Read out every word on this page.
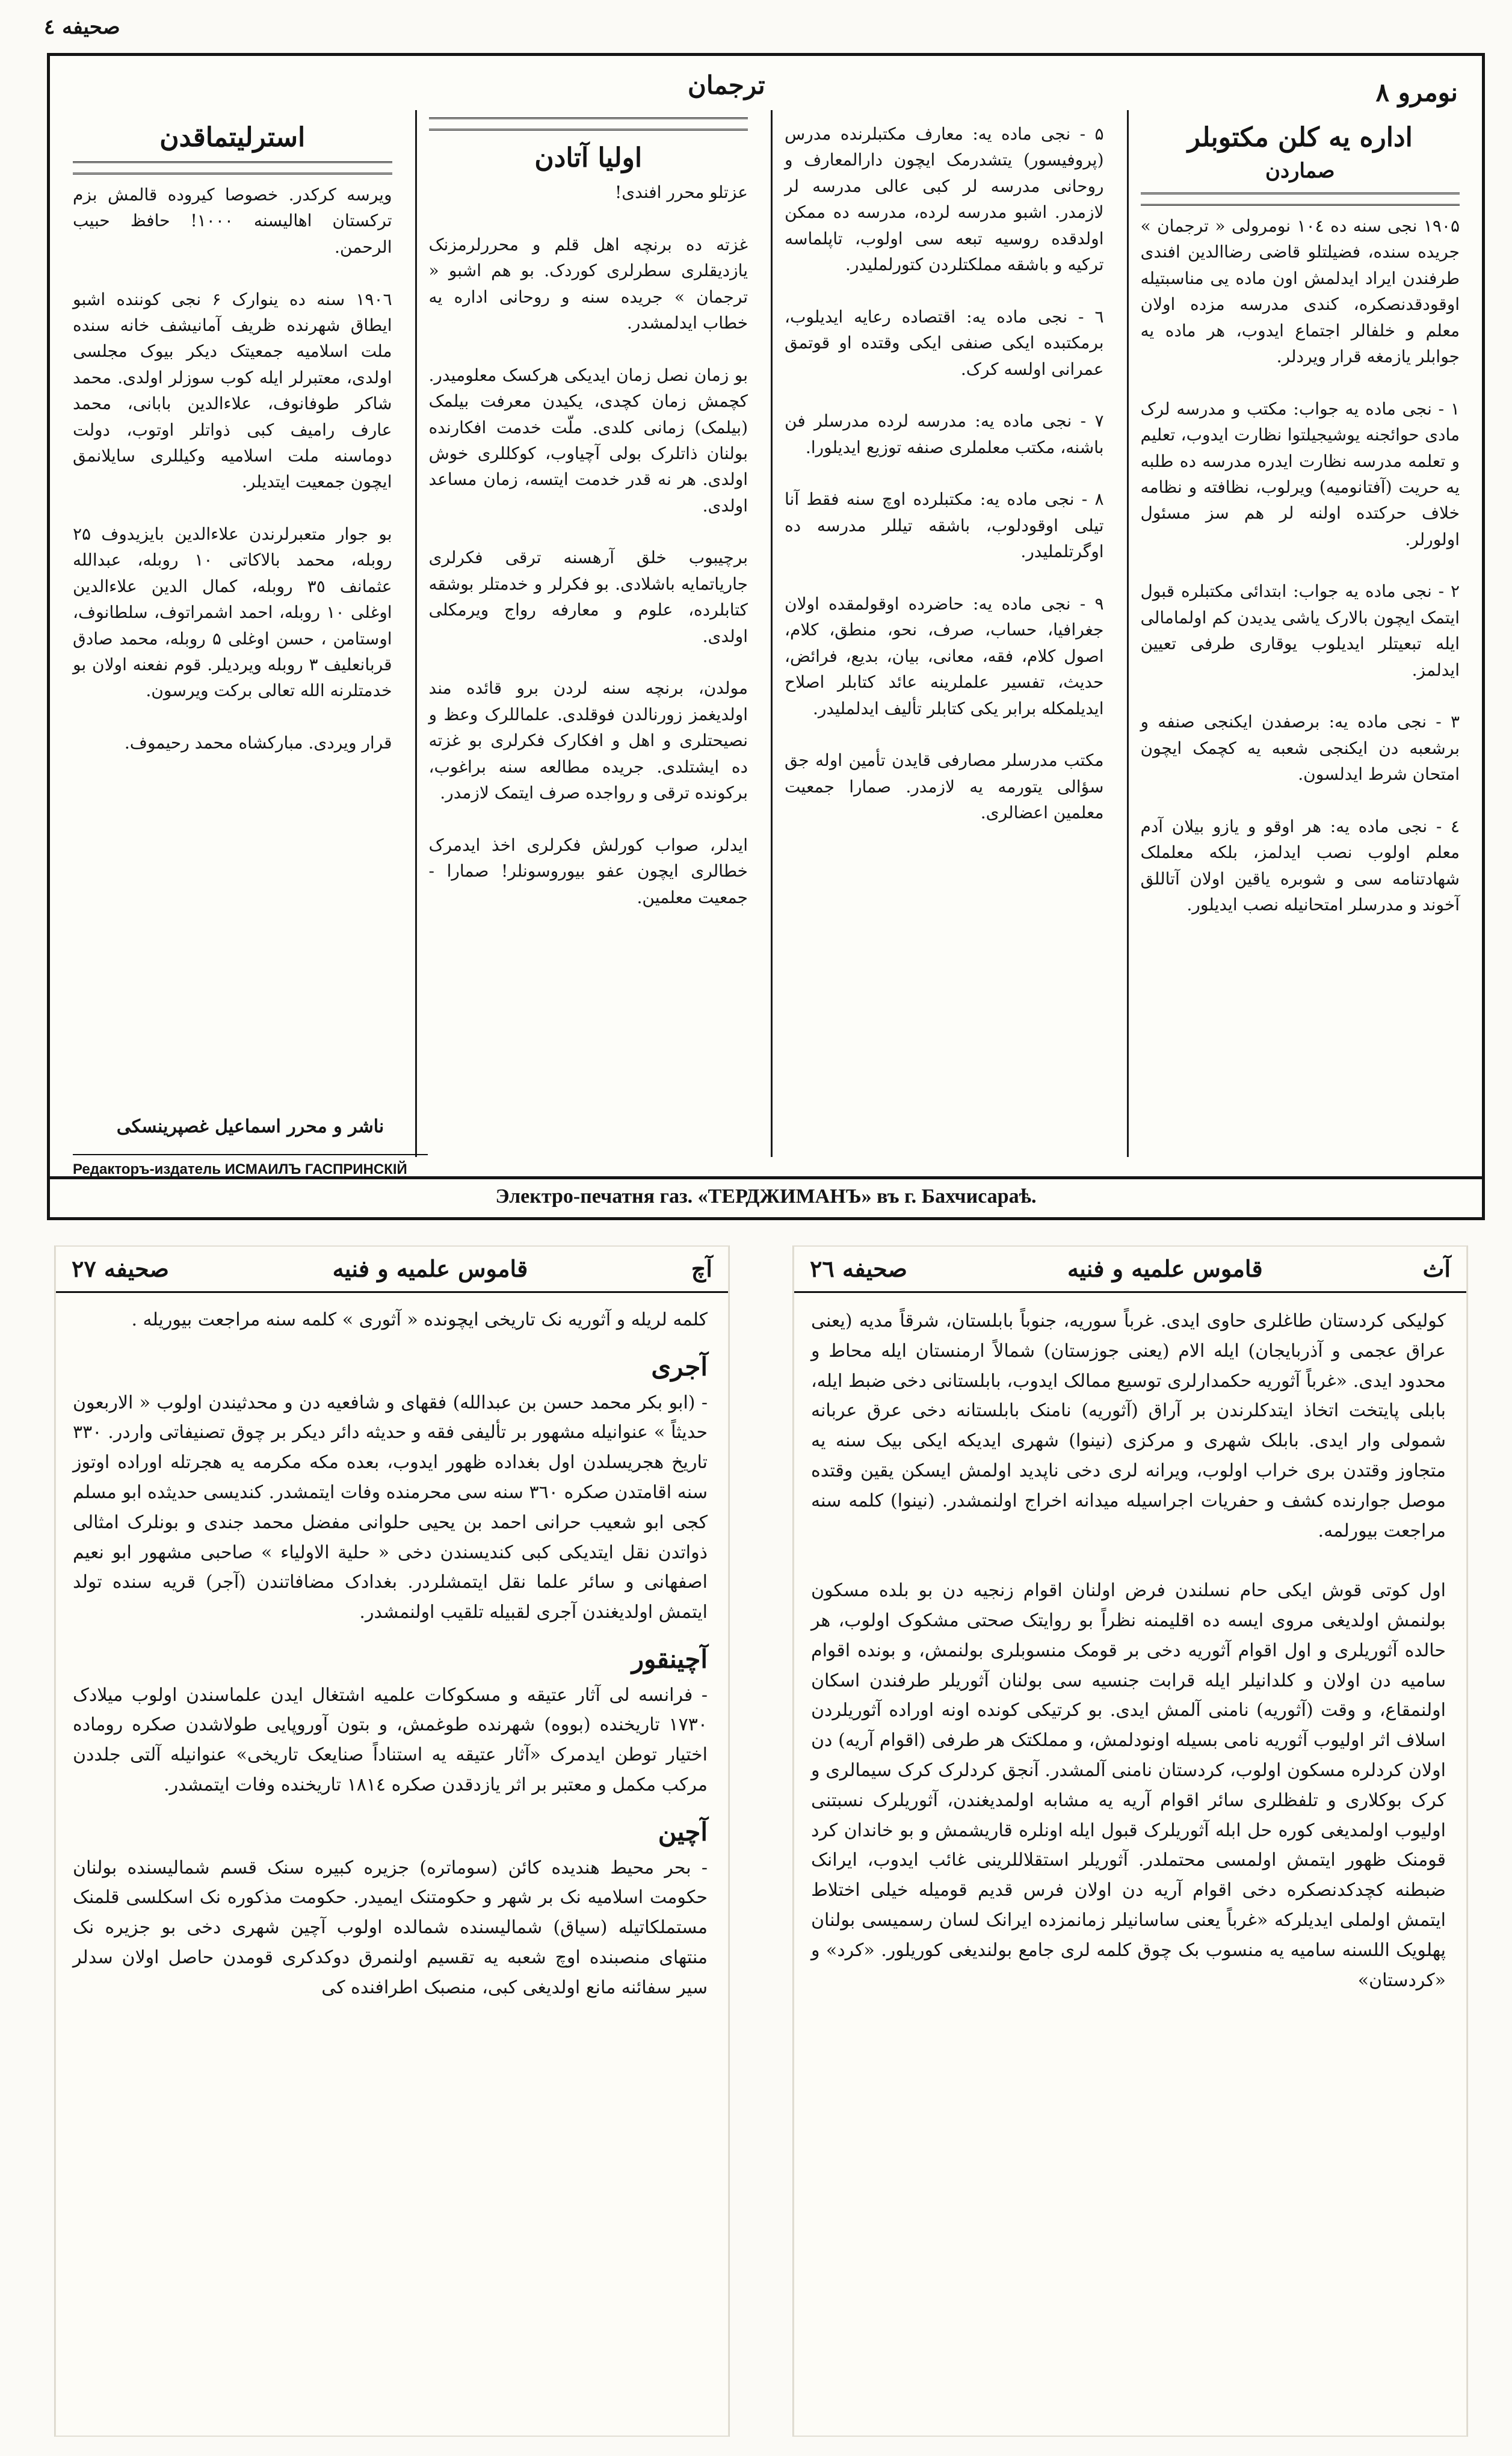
صحیفه ٤
ترجمان	نومرو ٨
اداره یه کلن مکتوبلر
صماردن
۱۹۰۵ نجی سنه ده ۱٠٤ نومرولی « ترجمان » جریده سنده، فضیلتلو قاضی رضاالدین افندی طرفندن ایراد ایدلمش اون ماده یی مناسبتیله اوقودقدنصکره، کندی مدرسه مزده اولان معلم و خلفالر اجتماع ایدوب، هر ماده یه جوابلر یازمغه قرار ویردلر.

۱ - نجی ماده یه جواب: مکتب و مدرسه لرک مادی حوائجنه یوشیجیلتوا نظارت ایدوب، تعلیم و تعلمه مدرسه نظارت ایدره مدرسه ده طلبه یه حریت (آفتانومیه) ویرلوب، نظافته و نظامه خلاف حرکتده اولنه لر هم سز مسئول اولورلر.

۲ - نجی ماده یه جواب: ابتدائی مکتبلره قبول ایتمک ایچون بالارک یاشی یدیدن کم اولمامالی ایله تبعیتلر ایدیلوب یوقاری طرفی تعیین ایدلمز.

۳ - نجی ماده یه: برصفدن ایکنجی صنفه و برشعبه دن ایکنجی شعبه یه کچمک ایچون امتحان شرط ایدلسون.

٤ - نجی ماده یه: هر اوقو و یازو بیلان آدم معلم اولوب نصب ایدلمز، بلکه معلملک شهادتنامه سی و شوبره یاقین اولان آتاللق آخوند و مدرسلر امتحانیله نصب ایدیلور.
۵ - نجی ماده یه: معارف مکتبلرنده مدرس (پروفیسور) یتشدرمک ایچون دارالمعارف و روحانی مدرسه لر کبی عالی مدرسه لر لازمدر. اشبو مدرسه لرده، مدرسه ده ممکن اولدقده روسیه تبعه سی اولوب، تاپلماسه ترکیه و باشقه مملکتلردن کتورلملیدر.

٦ - نجی ماده یه: اقتصاده رعایه ایدیلوب، برمکتبده ایکی صنفی ایکی وقتده او قوتمق عمرانی اولسه کرک.

۷ - نجی ماده یه: مدرسه لرده مدرسلر فن باشنه، مکتب معلملری صنفه توزیع ایدیلورا.

۸ - نجی ماده یه: مکتبلرده اوچ سنه فقط آنا تیلی اوقودلوب، باشقه تیللر مدرسه ده اوگرتلملیدر.

۹ - نجی ماده یه: حاضرده اوقولمقده اولان جغرافیا، حساب، صرف، نحو، منطق، کلام، اصول کلام، فقه، معانی، بیان، بدیع، فرائض، حدیث، تفسیر علملرینه عائد کتابلر اصلاح ایدیلمکله برابر یکی کتابلر تألیف ایدلملیدر.

مکتب مدرسلر مصارفی قایدن تأمین اوله جق سؤالی یتورمه یه لازمدر. صمارا جمعیت معلمین اعضالری.
اولیا آتادن
عزتلو محرر افندی!

غزته ده برنچه اهل قلم و محررلرمزنک یازدیقلری سطرلری کوردک. بو هم اشبو « ترجمان » جریده سنه و روحانی اداره یه خطاب ایدلمشدر.

بو زمان نصل زمان ایدیکی هرکسک معلومیدر. کچمش زمان کچدی، یکیدن معرفت بیلمک (بیلمک) زمانی کلدی. ملّت خدمت افکارنده بولنان ذاتلرک بولی آچیاوب، کوکللری خوش اولدی. هر نه قدر خدمت ایتسه، زمان مساعد اولدی.

برچیبوب خلق آرهسنه ترقی فکرلری جاریاتمایه باشلادی. بو فکرلر و خدمتلر بوشقه کتابلرده، علوم و معارفه رواج ویرمکلی اولدی.

مولدن، برنچه سنه لردن برو قائده مند اولدیغمز زورنالدن فوقلدی. علماللرک وعظ و نصیحتلری و اهل و افکارک فکرلری بو غزته ده ایشتلدی. جریده مطالعه سنه براغوب، برکونده ترقی و رواجده صرف ایتمک لازمدر.

ایدلر، صواب کورلش فکرلری اخذ ایدمرک خطالری ایچون عفو بیوروسونلر! صمارا - جمعیت معلمین.
استرلیتماقدن
ویرسه کرکدر. خصوصا کیروده قالمش بزم ترکستان اهالیسنه ۱٠٠٠! حافظ حبیب الرحمن.

۱۹٠٦ سنه ده ینوارک ۶ نجی کوننده اشبو ایطاق شهرنده ظریف آمانیشف خانه سنده ملت اسلامیه جمعیتک دیکر بیوک مجلسی اولدی، معتبرلر ایله کوب سوزلر اولدی. محمد شاکر طوفانوف، علاءالدین بابانی، محمد عارف رامیف کبی ذواتلر اوتوب، دولت دوماسنه ملت اسلامیه وکیللری سایلانمق ایچون جمعیت ایتدیلر.

بو جوار متعبرلرندن علاءالدین بایزیدوف ۲۵ روبله، محمد بالاکاتی ۱۰ روبله، عبدالله عثمانف ٣٥ روبله، کمال الدین علاءالدین اوغلی ۱٠ روبله، احمد اشمراتوف، سلطانوف، اوستامن ، حسن اوغلی ۵ روبله، محمد صادق قربانعلیف ۳ روبله ویردیلر. قوم نفعنه اولان بو خدمتلرنه الله تعالی برکت ویرسون.

قرار ویردی. مبارکشاه محمد رحیموف.
ناشر و محرر اسماعیل غصپرینسکی
Редакторъ-издатель ИСМАИЛЪ ГАСПРИНСКІЙ
Электро-печатня газ. «ТЕРДЖИМАНЪ» въ г. Бахчисараѣ.
آث
قاموس علمیه و فنیه
صحیفه ۲٦
کولیکی کردستان طاغلری حاوی ایدی. غرباً سوریه، جنوباً بابلستان، شرقاً مدیه (یعنی عراق عجمی و آذربایجان) ایله الام (یعنی جوزستان) شمالاً ارمنستان ایله محاط و محدود ایدی. «غرباً آثوریه حکمدارلری توسیع ممالک ایدوب، بابلستانی دخی ضبط ایله، بابلی پایتخت اتخاذ ایتدکلرندن بر آراق (آثوریه) نامنک بابلستانه دخی عرق عربانه شمولی وار ایدی. بابلک شهری و مرکزی (نینوا) شهری ایدیکه ایکی بیک سنه یه متجاوز وقتدن بری خراب اولوب، ویرانه لری دخی ناپدید اولمش ایسکن یقین وقتده موصل جوارنده کشف و حفریات اجراسیله میدانه اخراج اولنمشدر. (نینوا) کلمه سنه مراجعت بیورلمه.

اول کوتی قوش ایکی حام نسلندن فرض اولنان اقوام زنجیه دن بو بلده مسکون بولنمش اولدیغی مروی ایسه ده اقلیمنه نظراً بو روایتک صحتی مشکوک اولوب، هر حالده آثوریلری و اول اقوام آثوریه دخی بر قومک منسوبلری بولنمش، و بونده اقوام سامیه دن اولان و کلدانیلر ایله قرابت جنسیه سی بولنان آثوریلر طرفندن اسکان اولنمقاع، و وقت (آثوریه) نامنی آلمش ایدی. بو کرتیکی کونده اونه اوراده آثوریلردن اسلاف اثر اولیوب آثوریه نامی بسیله اونودلمش، و مملکتک هر طرفی (اقوام آریه) دن اولان کردلره مسکون اولوب، کردستان نامنی آلمشدر. آنجق کردلرک کرک سیمالری و کرک بوکلاری و تلفظلری سائر اقوام آریه یه مشابه اولمدیغندن، آثوریلرک نسبتنی اولیوب اولمدیغی کوره حل ابله آثوریلرک قبول ایله اونلره قاریشمش و بو خاندان کرد قومنک ظهور ایتمش اولمسی محتملدر. آثوریلر استقلاللرینی غائب ایدوب، ایرانک ضبطنه کچدکدنصکره دخی اقوام آریه دن اولان فرس قدیم قومیله خیلی اختلاط ایتمش اولملی ایدیلرکه «غرباً یعنی ساسانیلر زمانمزده ایرانک لسان رسمیسی بولنان پهلویک اللسنه سامیه یه منسوب بک چوق کلمه لری جامع بولندیغی کوریلور. «کرد» و «کردستان»
آچ
قاموس علمیه و فنیه
صحیفه ۲۷
کلمه لریله و آثوریه نک تاریخی ایچونده « آثوری » کلمه سنه مراجعت بیوریله .

آجری
- (ابو بکر محمد حسن بن عبدالله) فقهای و شافعیه دن و محدثیندن اولوب « الاربعون حدیثاً » عنوانیله مشهور بر تألیفی فقه و حدیثه دائر دیکر بر چوق تصنیفاتی واردر. ۳۳٠ تاریخ هجریسلدن اول بغداده ظهور ایدوب، بعده مکه مکرمه یه هجرتله اوراده اوتوز سنه اقامتدن صکره ۳٦٠ سنه سی محرمنده وفات ایتمشدر. کندیسی حدیثده ابو مسلم کجی ابو شعیب حرانی احمد بن یحیی حلوانی مفضل محمد جندی و بونلرک امثالی ذواتدن نقل ایتدیکی کبی کندیسندن دخی « حلیة الاولیاء » صاحبی مشهور ابو نعیم اصفهانی و سائر علما نقل ایتمشلردر. بغدادک مضافاتندن (آجر) قریه سنده تولد ایتمش اولدیغندن آجری لقبیله تلقیب اولنمشدر.

آچینقور
- فرانسه لی آثار عتیقه و مسکوکات علمیه اشتغال ایدن علماسندن اولوب میلادک ۱۷۳٠ تاریخنده (بووه) شهرنده طوغمش، و بتون آوروپایی طولاشدن صکره روماده اختیار توطن ایدمرک «آثار عتیقه یه استناداً صنایعک تاریخی» عنوانیله آلتی جلددن مرکب مکمل و معتبر بر اثر یازدقدن صکره ۱۸۱٤ تاریخنده وفات ایتمشدر.

آچین
- بحر محیط هندیده کائن (سوماتره) جزیره کبیره سنک قسم شمالیسنده بولنان حکومت اسلامیه نک بر شهر و حکومتنک ایمیدر. حکومت مذکوره نک اسکلسی قلمنک مستملکاتیله (سیاق) شمالیسنده شمالده اولوب آچین شهری دخی بو جزیره نک منتهای منصبنده اوچ شعبه یه تقسیم اولنمرق دوکدکری قومدن حاصل اولان سدلر سیر سفائنه مانع اولدیغی کبی، منصبک اطرافنده کی
